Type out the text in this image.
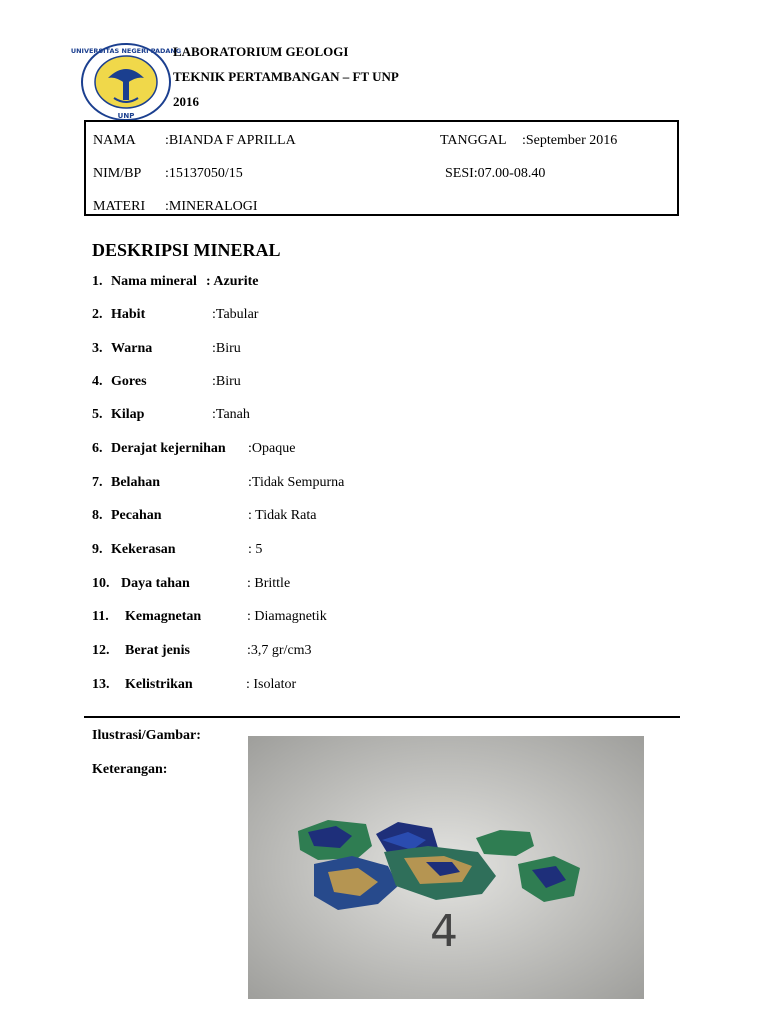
UNIVERSITAS NEGERI PADANG
UNP
LABORATORIUM GEOLOGI
TEKNIK PERTAMBANGAN – FT UNP
2016
NAMA :BIANDA F APRILLA	TANGGAL :September 2016
NIM/BP :15137050/15	SESI:07.00-08.40
MATERI :MINERALOGI
DESKRIPSI MINERAL
1. Nama mineral : Azurite
2. Habit	:Tabular
3. Warna	:Biru
4. Gores	:Biru
5. Kilap	:Tanah
6. Derajat kejernihan :Opaque
7. Belahan	:Tidak Sempurna
8. Pecahan	: Tidak Rata
9. Kekerasan	: 5
10. Daya tahan	: Brittle
11. Kemagnetan	: Diamagnetik
12. Berat jenis	:3,7 gr/cm3
13. Kelistrikan	: Isolator
Ilustrasi/Gambar:
Keterangan:
4
